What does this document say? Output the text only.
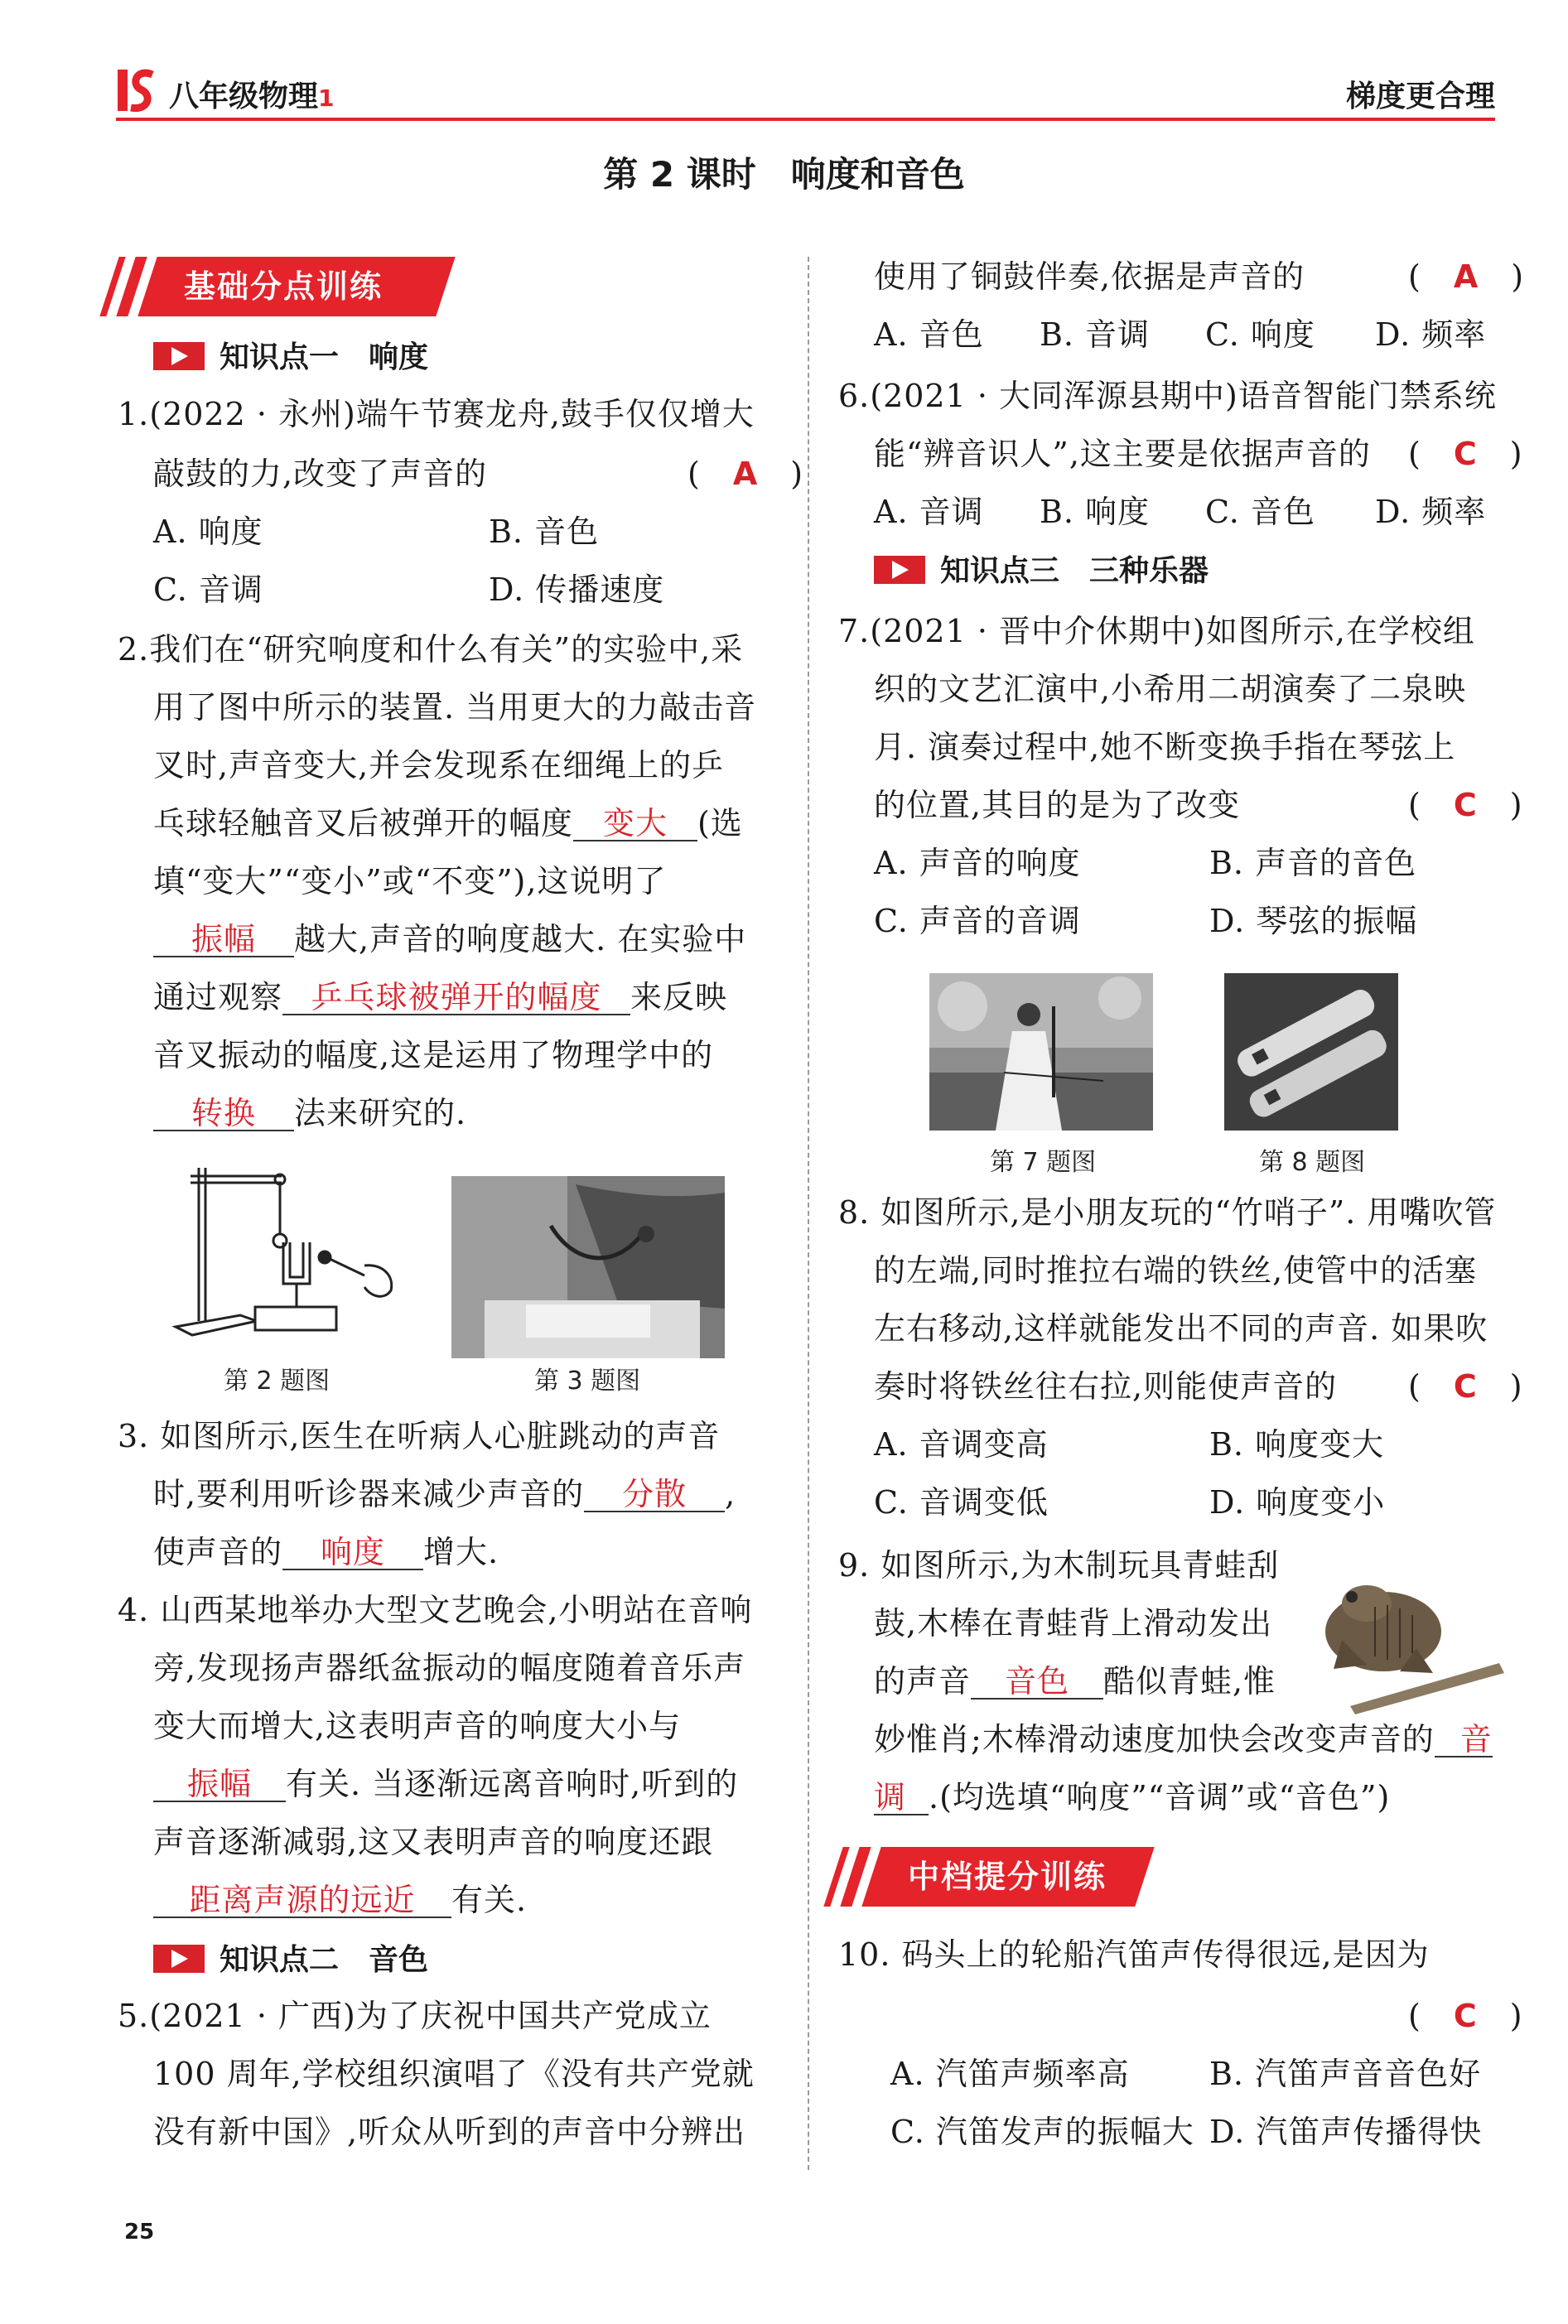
八年级物理1	梯度更合理
第 2 课时　响度和音色
基础分点训练
知识点一　响度
1.(2022 · 永州)端午节赛龙舟,鼓手仅仅增大
敲鼓的力,改变了声音的	(　A　)
A. 响度	B. 音色
C. 音调	D. 传播速度
2.我们在“研究响度和什么有关”的实验中,采
用了图中所示的装置. 当用更大的力敲击音
叉时,声音变大,并会发现系在细绳上的乒
乓球轻触音叉后被弹开的幅度 变大 (选
填“变大”“变小”或“不变”),这说明了
振幅 越大,声音的响度越大. 在实验中
通过观察 乒乓球被弹开的幅度 来反映
音叉振动的幅度,这是运用了物理学中的
转换 法来研究的.
第 2 题图	第 3 题图
3. 如图所示,医生在听病人心脏跳动的声音
时,要利用听诊器来减少声音的 分散 ,
使声音的 响度 增大.
4. 山西某地举办大型文艺晚会,小明站在音响
旁,发现扬声器纸盆振动的幅度随着音乐声
变大而增大,这表明声音的响度大小与
振幅 有关. 当逐渐远离音响时,听到的
声音逐渐减弱,这又表明声音的响度还跟
距离声源的远近 有关.
知识点二　音色
5.(2021 · 广西)为了庆祝中国共产党成立
100 周年,学校组织演唱了《没有共产党就
没有新中国》,听众从听到的声音中分辨出
使用了铜鼓伴奏,依据是声音的	(　A　)
A. 音色 B. 音调 C. 响度 D. 频率
6.(2021 · 大同浑源县期中)语音智能门禁系统
能“辨音识人”,这主要是依据声音的 (　C　)
A. 音调 B. 响度 C. 音色 D. 频率
知识点三　三种乐器
7.(2021 · 晋中介休期中)如图所示,在学校组
织的文艺汇演中,小希用二胡演奏了二泉映
月. 演奏过程中,她不断变换手指在琴弦上
的位置,其目的是为了改变	(　C　)
A. 声音的响度	B. 声音的音色
C. 声音的音调	D. 琴弦的振幅
第 7 题图	第 8 题图
8. 如图所示,是小朋友玩的“竹哨子”. 用嘴吹管
的左端,同时推拉右端的铁丝,使管中的活塞
左右移动,这样就能发出不同的声音. 如果吹
奏时将铁丝往右拉,则能使声音的 (　C　)
A. 音调变高	B. 响度变大
C. 音调变低	D. 响度变小
9. 如图所示,为木制玩具青蛙刮
鼓,木棒在青蛙背上滑动发出
的声音 音色 酷似青蛙,惟
妙惟肖;木棒滑动速度加快会改变声音的 音
调 .(均选填“响度”“音调”或“音色”)
中档提分训练
10. 码头上的轮船汽笛声传得很远,是因为
(　C　)
A. 汽笛声频率高	B. 汽笛声音音色好
C. 汽笛发声的振幅大 D. 汽笛声传播得快
25
